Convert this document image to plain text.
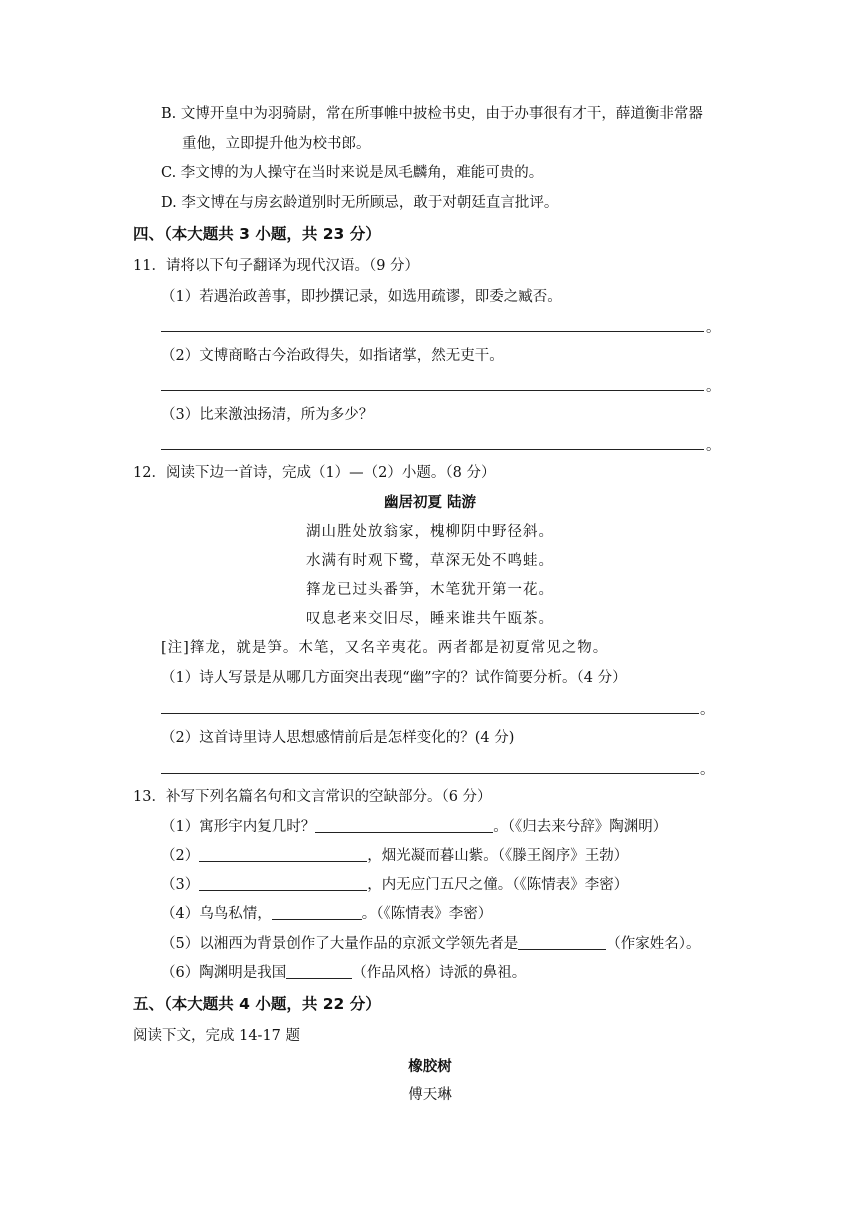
B. 文博开皇中为羽骑尉，常在所事帷中披检书史，由于办事很有才干，薛道衡非常器
重他，立即提升他为校书郎。
C. 李文博的为人操守在当时来说是凤毛麟角，难能可贵的。
D. 李文博在与房玄龄道别时无所顾忌，敢于对朝廷直言批评。
四、（本大题共 3 小题，共 23 分）
11．请将以下句子翻译为现代汉语。（9 分）
（1）若遇治政善事，即抄撰记录，如选用疏谬，即委之臧否。
。
（2）文博商略古今治政得失，如指诸掌，然无吏干。
。
（3）比来激浊扬清，所为多少？
。
12．阅读下边一首诗，完成（1）—（2）小题。（8 分）
幽居初夏 陆游
湖山胜处放翁家，槐柳阴中野径斜。
水满有时观下鹭，草深无处不鸣蛙。
箨龙已过头番笋，木笔犹开第一花。
叹息老来交旧尽，睡来谁共午瓯茶。
[注]箨龙，就是笋。木笔，又名辛夷花。两者都是初夏常见之物。
（1）诗人写景是从哪几方面突出表现“幽”字的？试作简要分析。（4 分）
。
（2）这首诗里诗人思想感情前后是怎样变化的？(4 分)
。
13．补写下列名篇名句和文言常识的空缺部分。（6 分）
（1）寓形宇内复几时？	。（《归去来兮辞》陶渊明）
（2）	，烟光凝而暮山紫。（《滕王阁序》王勃）
（3）	，内无应门五尺之僮。（《陈情表》李密）
（4）乌鸟私情，	。（《陈情表》李密）
（5）以湘西为背景创作了大量作品的京派文学领先者是	（作家姓名）。
（6）陶渊明是我国	（作品风格）诗派的鼻祖。
五、（本大题共 4 小题，共 22 分）
阅读下文，完成 14-17 题
橡胶树
傅天琳
